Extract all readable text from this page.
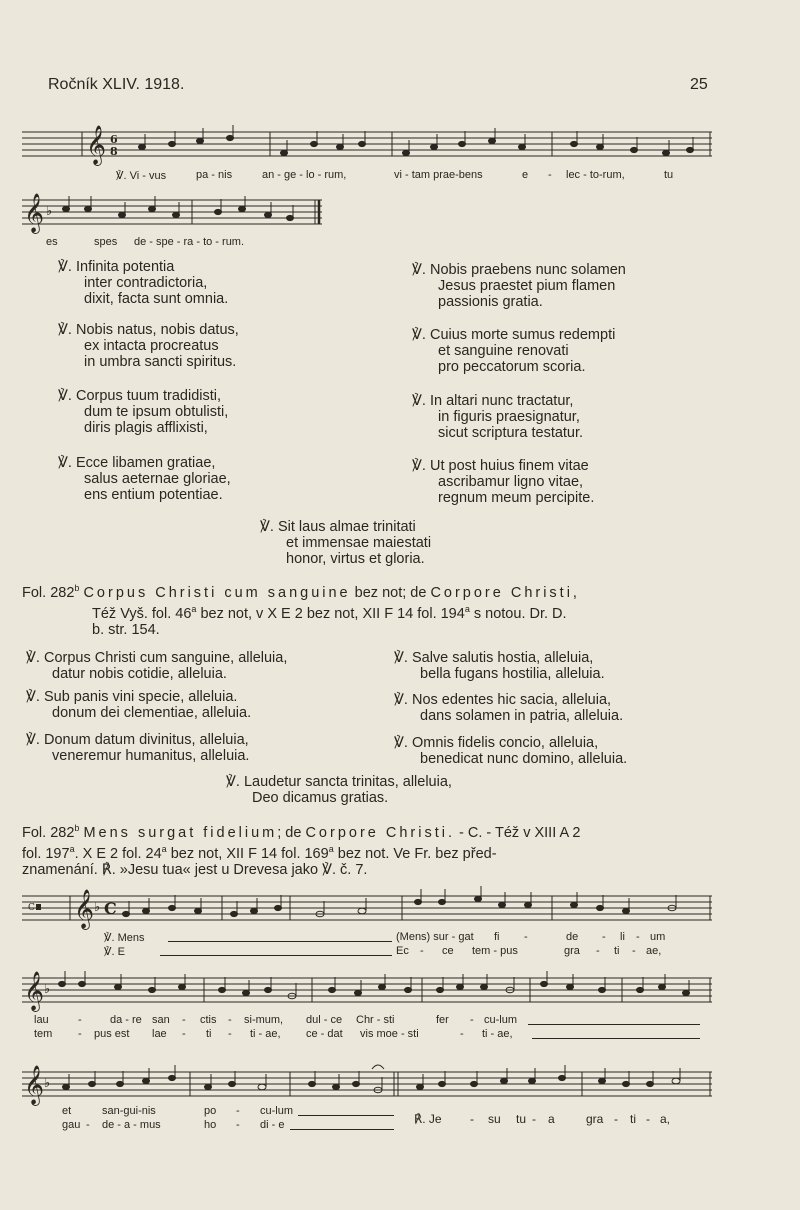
Ročník XLIV. 1918.	25
𝄞 6
8
℣. Vi - vus	pa - nis	an - ge - lo - rum,	vi - tam prae-bens	e - lec - to-rum,	tu
𝄞 ♭
es	spes de - spe - ra - to - rum.
℣. Infinita potentia
inter contradictoria,
dixit, facta sunt omnia.
℣. Nobis natus, nobis datus,
ex intacta procreatus
in umbra sancti spiritus.
℣. Corpus tuum tradidisti,
dum te ipsum obtulisti,
diris plagis afflixisti,
℣. Ecce libamen gratiae,
salus aeternae gloriae,
ens entium potentiae.
℣. Nobis praebens nunc solamen
Jesus praestet pium flamen
passionis gratia.
℣. Cuius morte sumus redempti
et sanguine renovati
pro peccatorum scoria.
℣. In altari nunc tractatur,
in figuris praesignatur,
sicut scriptura testatur.
℣. Ut post huius finem vitae
ascribamur ligno vitae,
regnum meum percipite.
℣. Sit laus almae trinitati
et immensae maiestati
honor, virtus et gloria.
Fol. 282$^b$ Corpus Christi cum sanguine bez not; de Corpore Christi,
Též Vyš. fol. 46$^a$ bez not, v X E 2 bez not, XII F 14 fol. 194$^a$ s notou. Dr. D.
b. str. 154.
℣. Corpus Christi cum sanguine, alleluia,
datur nobis cotidie, alleluia.
℣. Sub panis vini specie, alleluia.
donum dei clementiae, alleluia.
℣. Donum datum divinitus, alleluia,
veneremur humanitus, alleluia.
℣. Salve salutis hostia, alleluia,
bella fugans hostilia, alleluia.
℣. Nos edentes hic sacia, alleluia,
dans solamen in patria, alleluia.
℣. Omnis fidelis concio, alleluia,
benedicat nunc domino, alleluia.
℣. Laudetur sancta trinitas, alleluia,
Deo dicamus gratias.
Fol. 282$^b$ Mens surgat fidelium; de Corpore Christi. - C. - Též v XIII A 2
fol. 197$^a$. X E 2 fol. 24$^a$ bez not, XII F 14 fol. 169$^a$ bez not. Ve Fr. bez před-
znamenání. ℟. »Jesu tua« jest u Drevesa jako ℣. č. 7.
C 𝄞 ♭ C
℣. Mens	(Mens) sur - gat fi -	de - li - um
℣. E	Ec - ce tem - pus	gra - ti - ae,
𝄞 ♭
lau	-	da - re san - ctis - si-mum, dul - ce Chr - sti	fer - cu-lum
tem - pus est lae - ti - ti - ae, ce - dat vis moe - sti	- ti - ae,
𝄞 ♭
et	san-gui-nis	po - cu-lum
gau - de - a - mus	ho - di - e	℟. Je - su tu - a	gra - ti - a,
